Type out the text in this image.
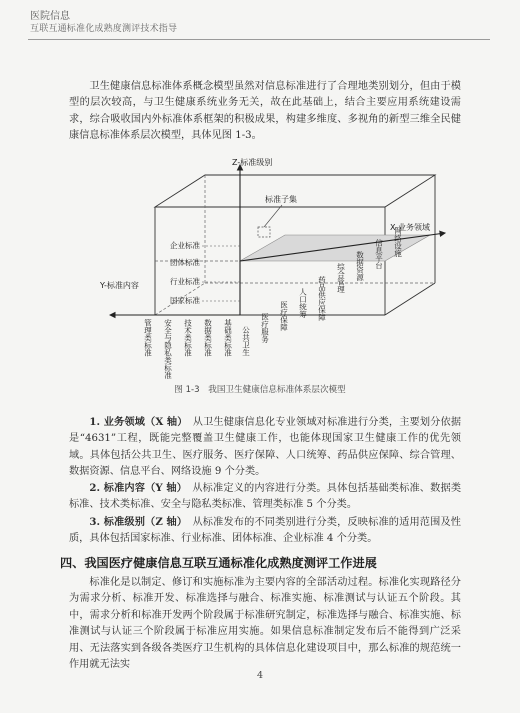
医院信息
互联互通标准化成熟度测评技术指导
卫生健康信息标准体系概念模型虽然对信息标准进行了合理地类别划分，但由于模型的层次较高，与卫生健康系统业务无关，故在此基础上，结合主要应用系统建设需求，综合吸收国内外标准体系框架的积极成果，构建多维度、多视角的新型三维全民健康信息标准体系层次模型，具体见图 1-3。
Z-标准级别
X-业务领域
Y-标准内容
标准子集
企业标准
团体标准
行业标准
国家标准
公共卫生 医疗服务 医疗保障 人口统筹 药品供应保障 综合管理 数据资源 信息平台 网络设施
管理类标准 安全与隐私类标准 技术类标准 数据类标准 基础类标准
图 1-3　我国卫生健康信息标准体系层次模型
1. 业务领域（X 轴）　 从卫生健康信息化专业领域对标准进行分类，主要划分依据是“4631”工程，既能完整覆盖卫生健康工作，也能体现国家卫生健康工作的优先领域。具体包括公共卫生、医疗服务、医疗保障、人口统筹、药品供应保障、综合管理、数据资源、信息平台、网络设施 9 个分类。
2. 标准内容（Y 轴）　 从标准定义的内容进行分类。具体包括基础类标准、数据类标准、技术类标准、安全与隐私类标准、管理类标准 5 个分类。
3. 标准级别（Z 轴）　 从标准发布的不同类别进行分类，反映标准的适用范围及性质，具体包括国家标准、行业标准、团体标准、企业标准 4 个分类。
四、我国医疗健康信息互联互通标准化成熟度测评工作进展
标准化是以制定、修订和实施标准为主要内容的全部活动过程。标准化实现路径分为需求分析、标准开发、标准选择与融合、标准实施、标准测试与认证五个阶段。其中，需求分析和标准开发两个阶段属于标准研究制定，标准选择与融合、标准实施、标准测试与认证三个阶段属于标准应用实施。如果信息标准制定发布后不能得到广泛采用、无法落实到各级各类医疗卫生机构的具体信息化建设项目中，那么标准的规范统一作用就无法实
4
